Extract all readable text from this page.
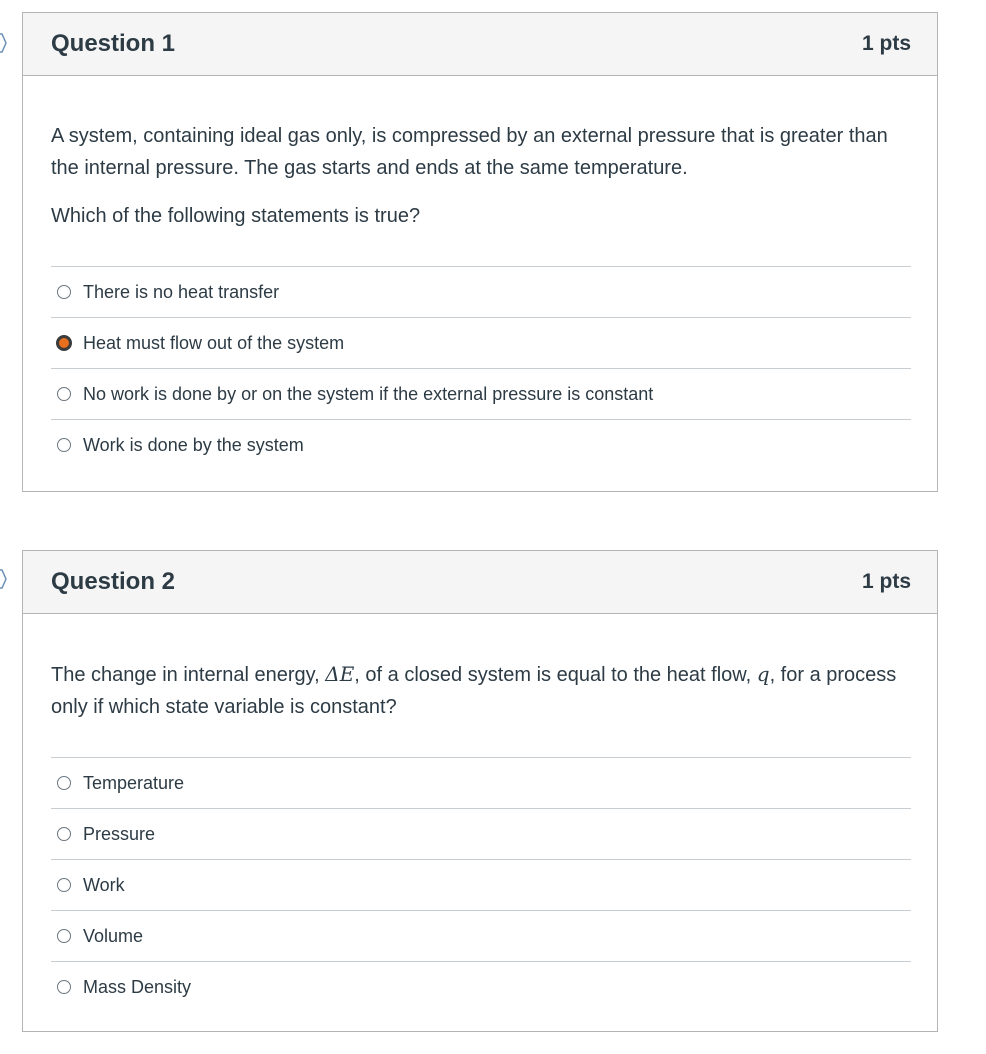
Question 1	1 pts

A system, containing ideal gas only, is compressed by an external pressure that is greater than the internal pressure. The gas starts and ends at the same temperature.

Which of the following statements is true?

There is no heat transfer
Heat must flow out of the system
No work is done by or on the system if the external pressure is constant
Work is done by the system
Question 2	1 pts

The change in internal energy, ΔE, of a closed system is equal to the heat flow, q, for a process only if which state variable is constant?

Temperature
Pressure
Work
Volume
Mass Density
